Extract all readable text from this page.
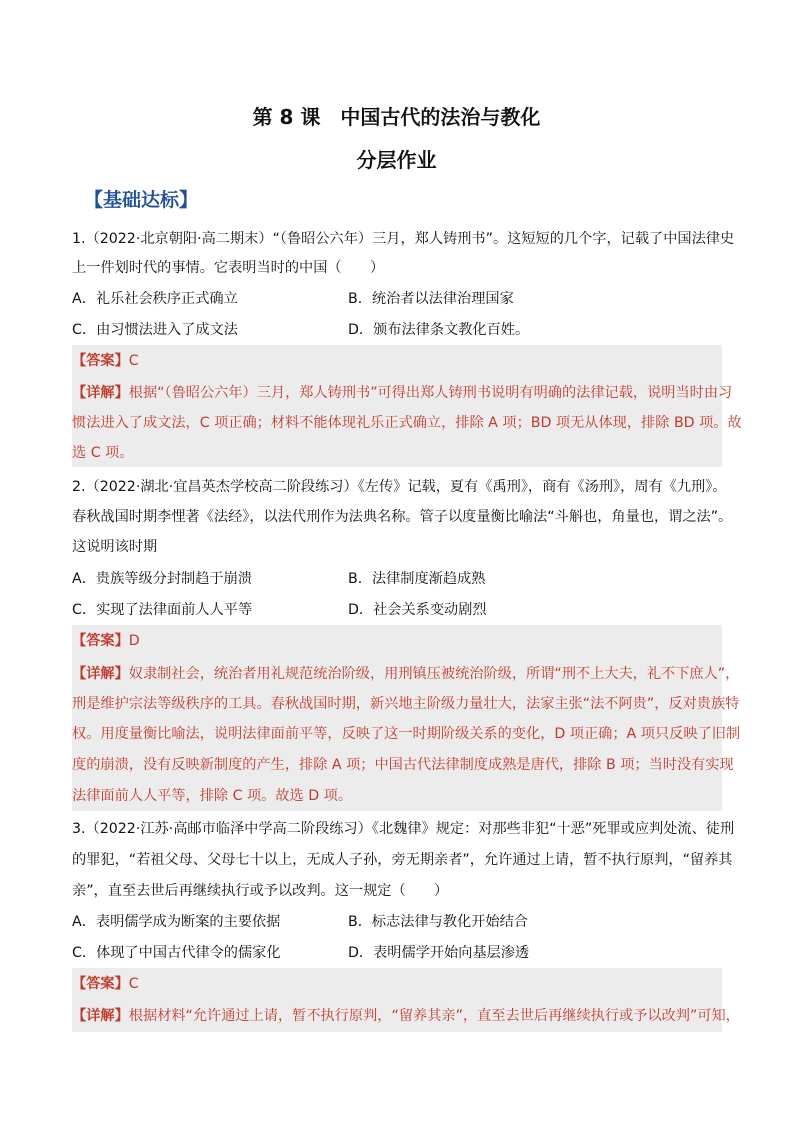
第 8 课　中国古代的法治与教化
分层作业
【基础达标】
1.（2022·北京朝阳·高二期末）“（鲁昭公六年）三月，郑人铸刑书”。这短短的几个字，记载了中国法律史
上一件划时代的事情。它表明当时的中国（　　）
A．礼乐社会秩序正式确立	B．统治者以法律治理国家
C．由习惯法进入了成文法	D．颁布法律条文教化百姓。
【答案】C
【详解】根据“（鲁昭公六年）三月，郑人铸刑书”可得出郑人铸刑书说明有明确的法律记载，说明当时由习
惯法进入了成文法，C 项正确；材料不能体现礼乐正式确立，排除 A 项；BD 项无从体现，排除 BD 项。故
选 C 项。
2.（2022·湖北·宜昌英杰学校高二阶段练习）《左传》记载，夏有《禹刑》，商有《汤刑》，周有《九刑》。
春秋战国时期李悝著《法经》，以法代刑作为法典名称。管子以度量衡比喻法“斗斛也，角量也，谓之法”。
这说明该时期
A．贵族等级分封制趋于崩溃	B．法律制度渐趋成熟
C．实现了法律面前人人平等	D．社会关系变动剧烈
【答案】D
【详解】奴隶制社会，统治者用礼规范统治阶级，用刑镇压被统治阶级，所谓“刑不上大夫，礼不下庶人”，
刑是维护宗法等级秩序的工具。春秋战国时期，新兴地主阶级力量壮大，法家主张“法不阿贵”，反对贵族特
权。用度量衡比喻法，说明法律面前平等，反映了这一时期阶级关系的变化，D 项正确；A 项只反映了旧制
度的崩溃，没有反映新制度的产生，排除 A 项；中国古代法律制度成熟是唐代，排除 B 项；当时没有实现
法律面前人人平等，排除 C 项。故选 D 项。
3.（2022·江苏·高邮市临泽中学高二阶段练习）《北魏律》规定：对那些非犯“十恶”死罪或应判处流、徒刑
的罪犯，“若祖父母、父母七十以上，无成人子孙，旁无期亲者”，允许通过上请，暂不执行原判，“留养其
亲”，直至去世后再继续执行或予以改判。这一规定（　　）
A．表明儒学成为断案的主要依据	B．标志法律与教化开始结合
C．体现了中国古代律令的儒家化	D．表明儒学开始向基层渗透
【答案】C
【详解】根据材料“允许通过上请，暂不执行原判，“留养其亲”，直至去世后再继续执行或予以改判”可知，
